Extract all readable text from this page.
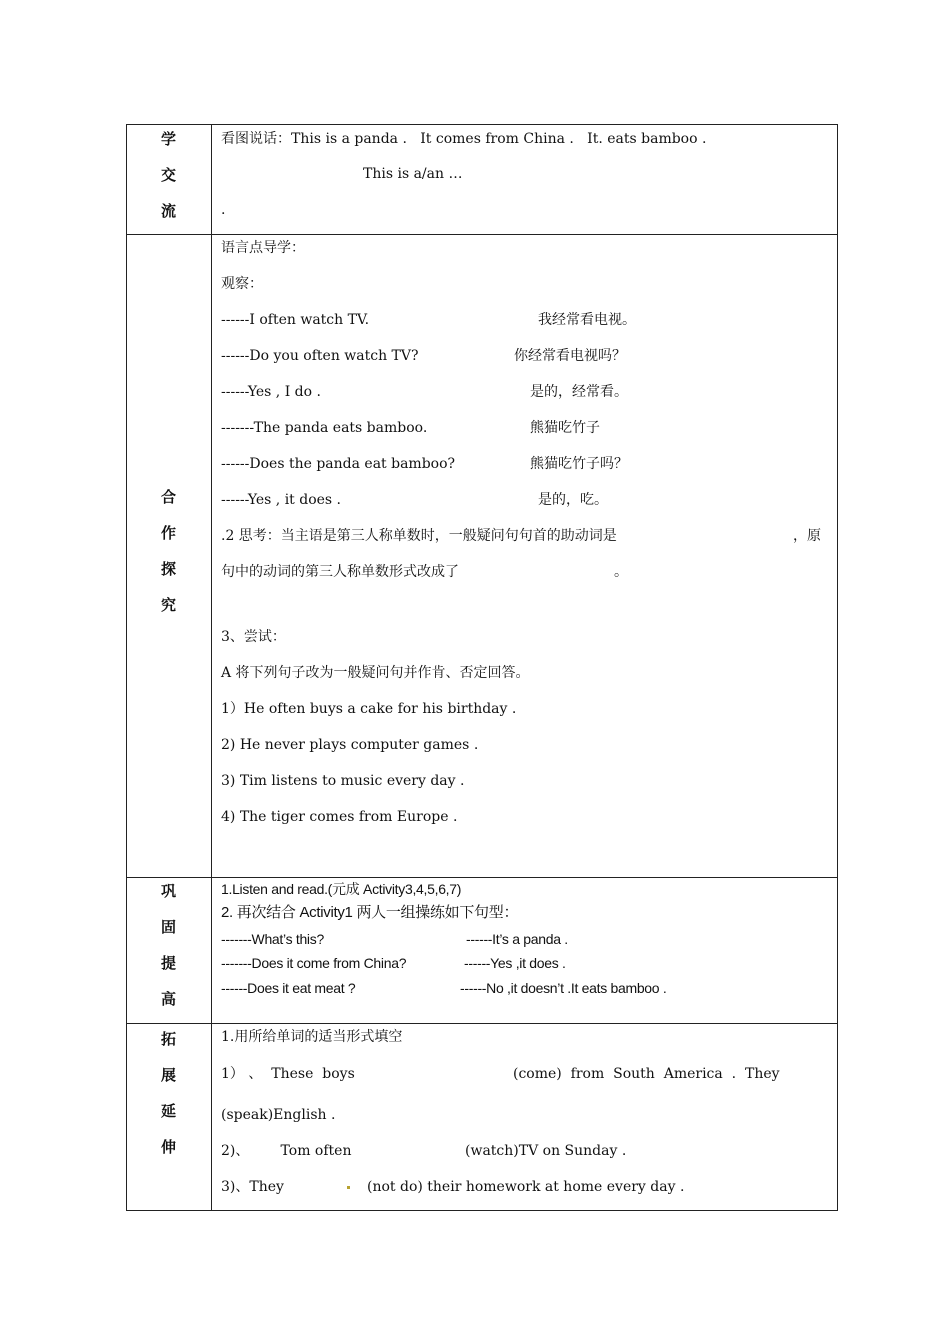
学
交
流
看图说话：This is a panda .   It comes from China .   It. eats bamboo .
This is a/an …
.
合
作
探
究
语言点导学：
观察：
------I often watch TV.	我经常看电视。
------Do you often watch TV?	你经常看电视吗？
------Yes , I do .	是的，经常看。
-------The panda eats bamboo.	熊猫吃竹子
------Does the panda eat bamboo?	熊猫吃竹子吗？
------Yes , it does .	是的，吃。
.2 思考：当主语是第三人称单数时，一般疑问句句首的助动词是	，原
句中的动词的第三人称单数形式改成了	。
3、尝试：
A 将下列句子改为一般疑问句并作肯、否定回答。
1）He often buys a cake for his birthday .
2) He never plays computer games .
3) Tim listens to music every day .
4) The tiger comes from Europe .
巩
固
提
高
1.Listen and read.(元成 Activity3,4,5,6,7)
2. 再次结合 Activity1 两人一组操练如下句型：
-------What’s this?	------It’s a panda .
-------Does it come from China?	------Yes ,it does .
------Does it eat meat ?	------No ,it doesn’t .It eats bamboo .
拓
展
延
伸
1.用所给单词的适当形式填空
1） 、  These  boys	(come)  from  South  America  .  They
(speak)English .
2)、       Tom often	(watch)TV on Sunday .
3)、They	(not do) their homework at home every day .
